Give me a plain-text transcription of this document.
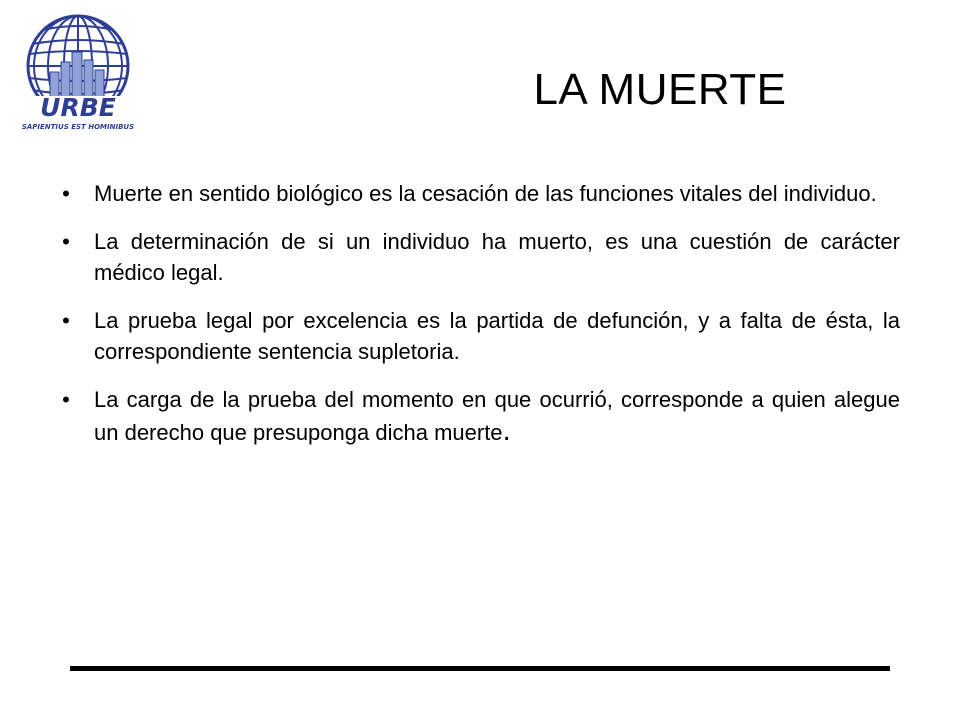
URBE
SAPIENTIUS EST HOMINIBUS
LA MUERTE
• Muerte en sentido biológico es la cesación de las funciones vitales del individuo.
• La determinación de si un individuo ha muerto, es una cuestión de carácter médico legal.
• La prueba legal por excelencia es la partida de defunción, y a falta de ésta, la correspondiente sentencia supletoria.
• La carga de la prueba del momento en que ocurrió, corresponde a quien alegue un derecho que presuponga dicha muerte.
